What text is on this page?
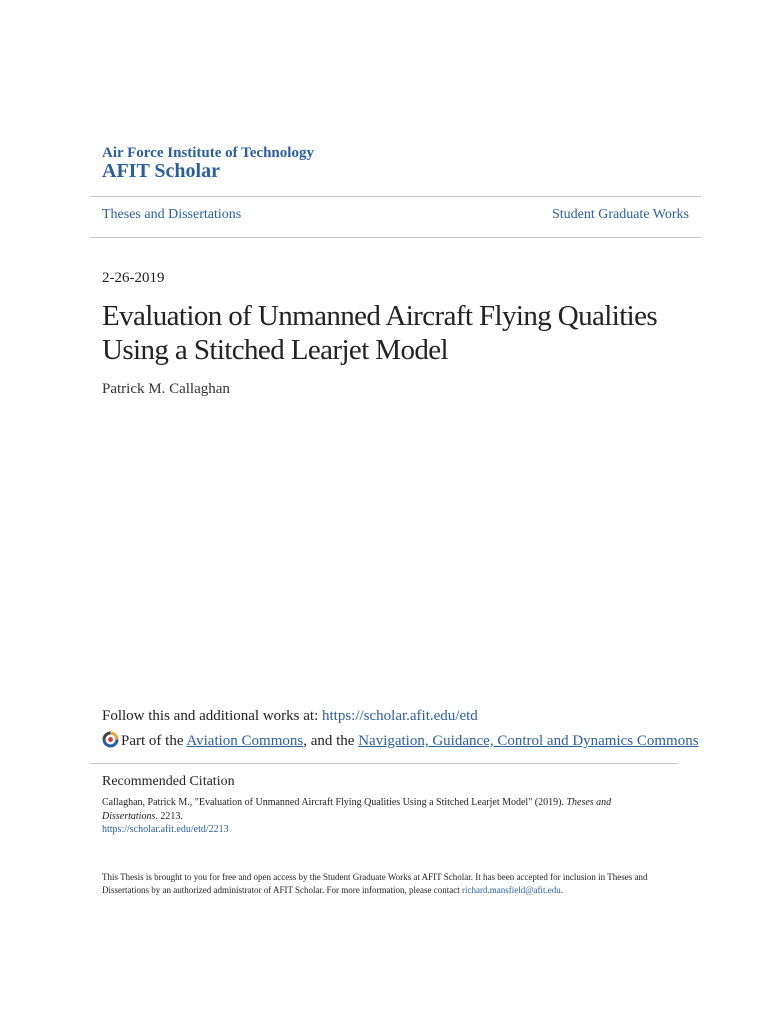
Air Force Institute of Technology
AFIT Scholar
Theses and Dissertations	Student Graduate Works
2-26-2019
Evaluation of Unmanned Aircraft Flying Qualities Using a Stitched Learjet Model
Patrick M. Callaghan
Follow this and additional works at: https://scholar.afit.edu/etd
Part of the Aviation Commons, and the Navigation, Guidance, Control and Dynamics Commons
Recommended Citation
Callaghan, Patrick M., "Evaluation of Unmanned Aircraft Flying Qualities Using a Stitched Learjet Model" (2019). Theses and Dissertations. 2213.
https://scholar.afit.edu/etd/2213
This Thesis is brought to you for free and open access by the Student Graduate Works at AFIT Scholar. It has been accepted for inclusion in Theses and Dissertations by an authorized administrator of AFIT Scholar. For more information, please contact richard.mansfield@afit.edu.
